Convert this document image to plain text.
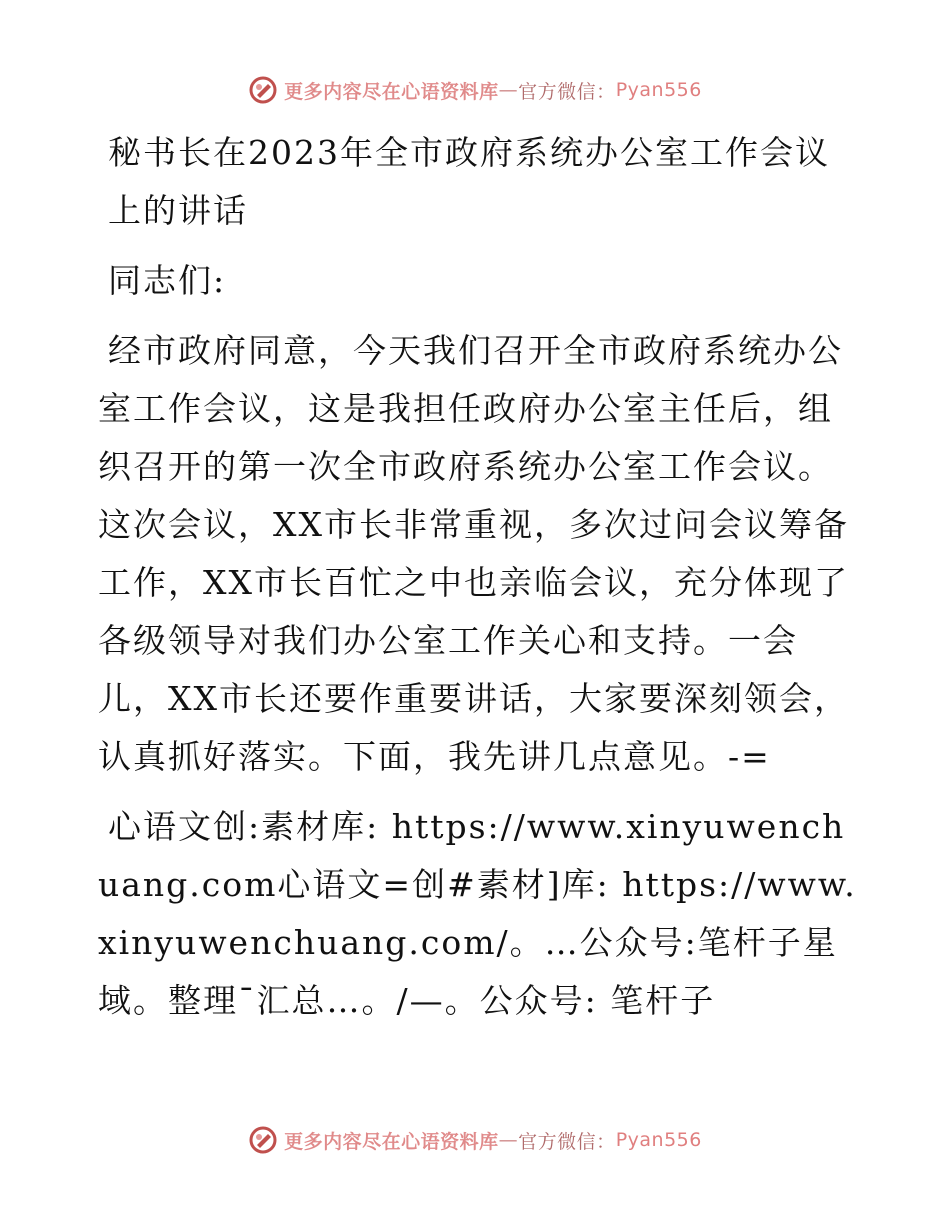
更多内容尽在心语资料库 — 官方微信： Pyan556
秘书长在2023年全市政府系统办公室工作会议上的讲话

同志们:

经市政府同意，今天我们召开全市政府系统办公室工作会议，这是我担任政府办公室主任后，组织召开的第一次全市政府系统办公室工作会议。这次会议，XX市长非常重视，多次过问会议筹备工作，XX市长百忙之中也亲临会议，充分体现了各级领导对我们办公室工作关心和支持。一会儿，XX市长还要作重要讲话，大家要深刻领会，认真抓好落实。下面，我先讲几点意见。-=

心语文创:素材库: https://www.xinyuwenchuang.com心语文=创#素材]库: https://www.xinyuwenchuang.com/。…公众号:笔杆子星域。整理¯汇总…。/—。公众号: 笔杆子

更多内容尽在心语资料库 — 官方微信： Pyan556
